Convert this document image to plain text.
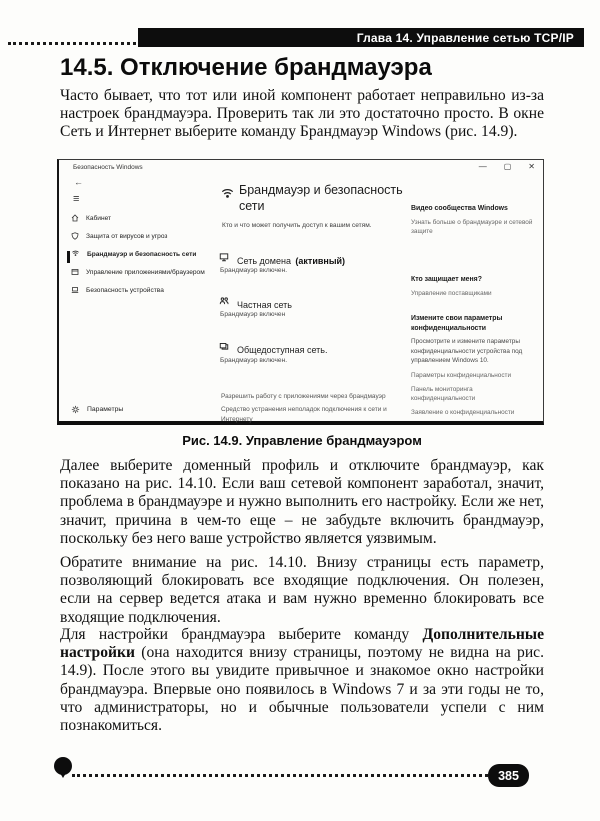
Глава 14. Управление сетью TCP/IP
14.5. Отключение брандмауэра

Часто бывает, что тот или иной компонент работает неправильно из-за настроек брандмауэра. Проверить так ли это достаточно просто. В окне Сеть и Интернет выберите команду Брандмауэр Windows (рис. 14.9).

Безопасность Windows	— ▢ ✕
←
≡
Кабинет
Защита от вирусов и угроз
Брандмауэр и безопасность сети
Управление приложениями/браузером
Безопасность устройства
Параметры
Брандмауэр и безопасность сети

Кто и что может получить доступ к вашим сетям.

Сеть домена (активный)
Брандмауэр включен.
Частная сеть
Брандмауэр включен
Общедоступная сеть.
Брандмауэр включен.
Разрешить работу с приложениями через брандмауэр
Средство устранения неполадок подключения к сети и Интернету
Видео сообщества Windows
Узнать больше о брандмауэре и сетевой защите
Кто защищает меня?
Управление поставщиками
Измените свои параметры конфиденциальности
Просмотрите и измените параметры конфиденциальности устройства под управлением Windows 10.
Параметры конфиденциальности
Панель мониторинга конфиденциальности
Заявление о конфиденциальности
Рис. 14.9. Управление брандмауэром

Далее выберите доменный профиль и отключите брандмауэр, как показано на рис. 14.10. Если ваш сетевой компонент заработал, значит, проблема в брандмауэре и нужно выполнить его настройку. Если же нет, значит, причина в чем-то еще – не забудьте включить брандмауэр, поскольку без него ваше устройство является уязвимым.

Обратите внимание на рис. 14.10. Внизу страницы есть параметр, позволяющий блокировать все входящие подключения. Он полезен, если на сервер ведется атака и вам нужно временно блокировать все входящие подключения.

Для настройки брандмауэра выберите команду Дополнительные настройки (она находится внизу страницы, поэтому не видна на рис. 14.9). После этого вы увидите привычное и знакомое окно настройки брандмауэра. Впервые оно появилось в Windows 7 и за эти годы не то, что администраторы, но и обычные пользователи успели с ним познакомиться.

385
